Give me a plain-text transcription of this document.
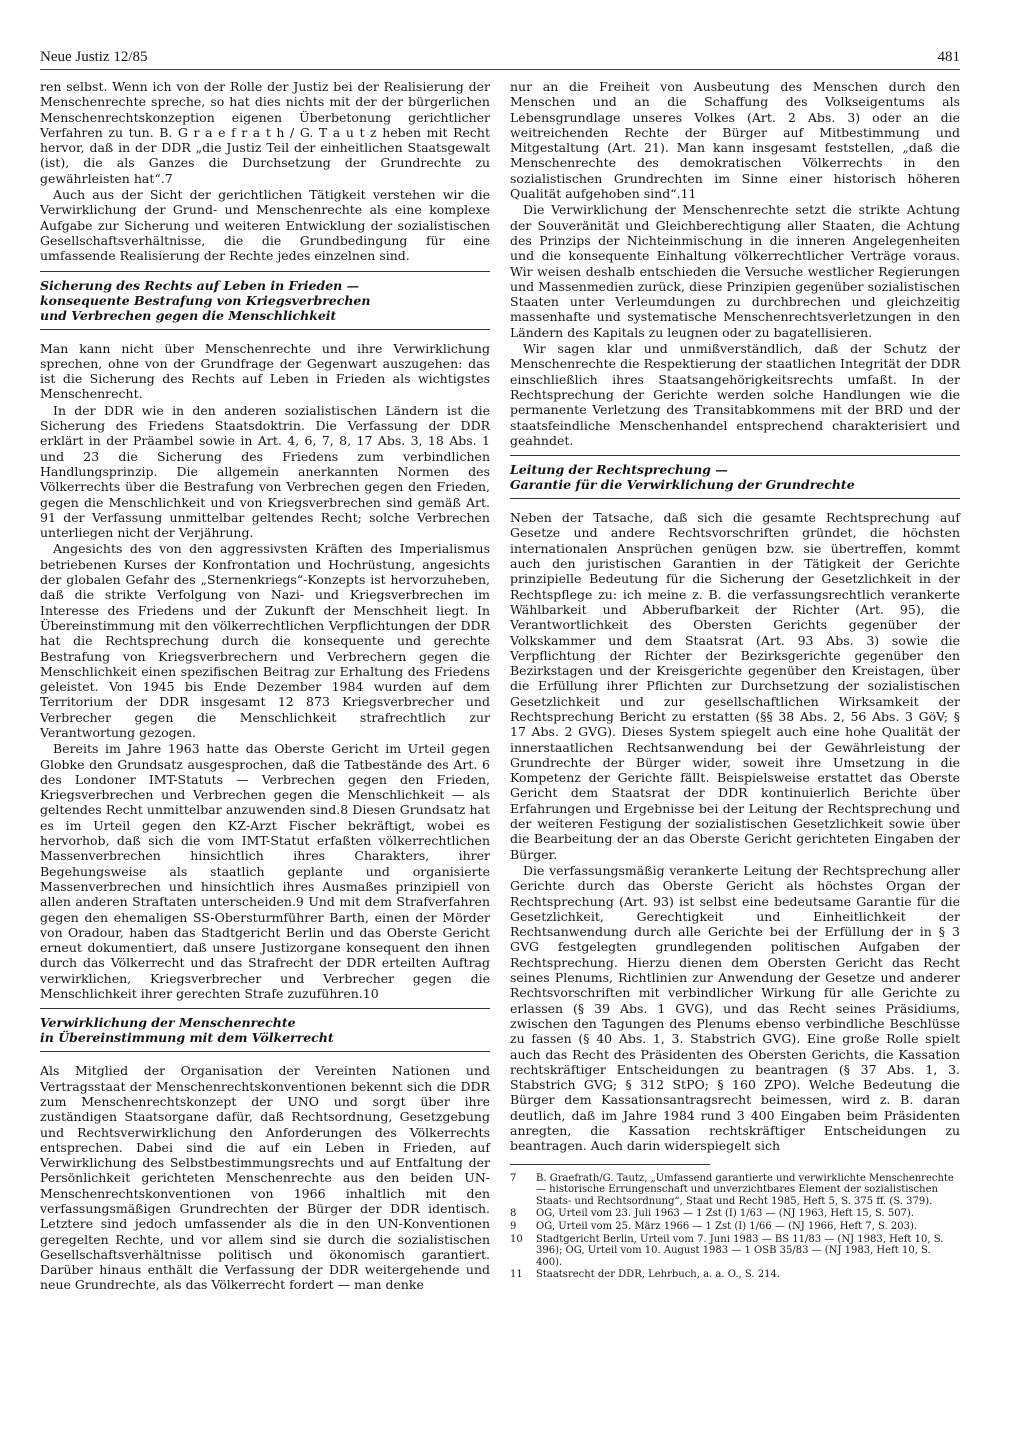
Neue Justiz 12/85	481

ren selbst. Wenn ich von der Rolle der Justiz bei der Realisierung der Menschenrechte spreche, so hat dies nichts mit der der bürgerlichen Menschenrechtskonzeption eigenen Überbetonung gerichtlicher Verfahren zu tun. B. G r a e f r a t h / G. T a u t z heben mit Recht hervor, daß in der DDR „die Justiz Teil der einheitlichen Staatsgewalt (ist), die als Ganzes die Durchsetzung der Grundrechte zu gewährleisten hat“.7

Auch aus der Sicht der gerichtlichen Tätigkeit verstehen wir die Verwirklichung der Grund- und Menschenrechte als eine komplexe Aufgabe zur Sicherung und weiteren Entwicklung der sozialistischen Gesellschaftsverhältnisse, die die Grundbedingung für eine umfassende Realisierung der Rechte jedes einzelnen sind.

Sicherung des Rechts auf Leben in Frieden —

konsequente Bestrafung von Kriegsverbrechen

und Verbrechen gegen die Menschlichkeit

Man kann nicht über Menschenrechte und ihre Verwirklichung sprechen, ohne von der Grundfrage der Gegenwart auszugehen: das ist die Sicherung des Rechts auf Leben in Frieden als wichtigstes Menschenrecht.

In der DDR wie in den anderen sozialistischen Ländern ist die Sicherung des Friedens Staatsdoktrin. Die Verfassung der DDR erklärt in der Präambel sowie in Art. 4, 6, 7, 8, 17 Abs. 3, 18 Abs. 1 und 23 die Sicherung des Friedens zum verbindlichen Handlungsprinzip. Die allgemein anerkannten Normen des Völkerrechts über die Bestrafung von Verbrechen gegen den Frieden, gegen die Menschlichkeit und von Kriegsverbrechen sind gemäß Art. 91 der Verfassung unmittelbar geltendes Recht; solche Verbrechen unterliegen nicht der Verjährung.

Angesichts des von den aggressivsten Kräften des Imperialismus betriebenen Kurses der Konfrontation und Hochrüstung, angesichts der globalen Gefahr des „Sternenkriegs“-Konzepts ist hervorzuheben, daß die strikte Verfolgung von Nazi- und Kriegsverbrechen im Interesse des Friedens und der Zukunft der Menschheit liegt. In Übereinstimmung mit den völkerrechtlichen Verpflichtungen der DDR hat die Rechtsprechung durch die konsequente und gerechte Bestrafung von Kriegsverbrechern und Verbrechern gegen die Menschlichkeit einen spezifischen Beitrag zur Erhaltung des Friedens geleistet. Von 1945 bis Ende Dezember 1984 wurden auf dem Territorium der DDR insgesamt 12 873 Kriegsverbrecher und Verbrecher gegen die Menschlichkeit strafrechtlich zur Verantwortung gezogen.

Bereits im Jahre 1963 hatte das Oberste Gericht im Urteil gegen Globke den Grundsatz ausgesprochen, daß die Tatbestände des Art. 6 des Londoner IMT-Statuts — Verbrechen gegen den Frieden, Kriegsverbrechen und Verbrechen gegen die Menschlichkeit — als geltendes Recht unmittelbar anzuwenden sind.8 Diesen Grundsatz hat es im Urteil gegen den KZ-Arzt Fischer bekräftigt, wobei es hervorhob, daß sich die vom IMT-Statut erfaßten völkerrechtlichen Massenverbrechen hinsichtlich ihres Charakters, ihrer Begehungsweise als staatlich geplante und organisierte Massenverbrechen und hinsichtlich ihres Ausmaßes prinzipiell von allen anderen Straftaten unterscheiden.9 Und mit dem Strafverfahren gegen den ehemaligen SS-Obersturmführer Barth, einen der Mörder von Oradour, haben das Stadtgericht Berlin und das Oberste Gericht erneut dokumentiert, daß unsere Justizorgane konsequent den ihnen durch das Völkerrecht und das Strafrecht der DDR erteilten Auftrag verwirklichen, Kriegsverbrecher und Verbrecher gegen die Menschlichkeit ihrer gerechten Strafe zuzuführen.10

Verwirklichung der Menschenrechte

in Übereinstimmung mit dem Völkerrecht

Als Mitglied der Organisation der Vereinten Nationen und Vertragsstaat der Menschenrechtskonventionen bekennt sich die DDR zum Menschenrechtskonzept der UNO und sorgt über ihre zuständigen Staatsorgane dafür, daß Rechtsordnung, Gesetzgebung und Rechtsverwirklichung den Anforderungen des Völkerrechts entsprechen. Dabei sind die auf ein Leben in Frieden, auf Verwirklichung des Selbstbestimmungsrechts und auf Entfaltung der Persönlichkeit gerichteten Menschenrechte aus den beiden UN-Menschenrechtskonventionen von 1966 inhaltlich mit den verfassungsmäßigen Grundrechten der Bürger der DDR identisch. Letztere sind jedoch umfassender als die in den UN-Konventionen geregelten Rechte, und vor allem sind sie durch die sozialistischen Gesellschaftsverhältnisse politisch und ökonomisch garantiert. Darüber hinaus enthält die Verfassung der DDR weitergehende und neue Grundrechte, als das Völkerrecht fordert — man denke

nur an die Freiheit von Ausbeutung des Menschen durch den Menschen und an die Schaffung des Volkseigentums als Lebensgrundlage unseres Volkes (Art. 2 Abs. 3) oder an die weitreichenden Rechte der Bürger auf Mitbestimmung und Mitgestaltung (Art. 21). Man kann insgesamt feststellen, „daß die Menschenrechte des demokratischen Völkerrechts in den sozialistischen Grundrechten im Sinne einer historisch höheren Qualität aufgehoben sind“.11

Die Verwirklichung der Menschenrechte setzt die strikte Achtung der Souveränität und Gleichberechtigung aller Staaten, die Achtung des Prinzips der Nichteinmischung in die inneren Angelegenheiten und die konsequente Einhaltung völkerrechtlicher Verträge voraus. Wir weisen deshalb entschieden die Versuche westlicher Regierungen und Massenmedien zurück, diese Prinzipien gegenüber sozialistischen Staaten unter Verleumdungen zu durchbrechen und gleichzeitig massenhafte und systematische Menschenrechtsverletzungen in den Ländern des Kapitals zu leugnen oder zu bagatellisieren.

Wir sagen klar und unmißverständlich, daß der Schutz der Menschenrechte die Respektierung der staatlichen Integrität der DDR einschließlich ihres Staatsangehörigkeitsrechts umfaßt. In der Rechtsprechung der Gerichte werden solche Handlungen wie die permanente Verletzung des Transitabkommens mit der BRD und der staatsfeindliche Menschenhandel entsprechend charakterisiert und geahndet.

Leitung der Rechtsprechung —

Garantie für die Verwirklichung der Grundrechte

Neben der Tatsache, daß sich die gesamte Rechtsprechung auf Gesetze und andere Rechtsvorschriften gründet, die höchsten internationalen Ansprüchen genügen bzw. sie übertreffen, kommt auch den juristischen Garantien in der Tätigkeit der Gerichte prinzipielle Bedeutung für die Sicherung der Gesetzlichkeit in der Rechtspflege zu: ich meine z. B. die verfassungsrechtlich verankerte Wählbarkeit und Abberufbarkeit der Richter (Art. 95), die Verantwortlichkeit des Obersten Gerichts gegenüber der Volkskammer und dem Staatsrat (Art. 93 Abs. 3) sowie die Verpflichtung der Richter der Bezirksgerichte gegenüber den Bezirkstagen und der Kreisgerichte gegenüber den Kreistagen, über die Erfüllung ihrer Pflichten zur Durchsetzung der sozialistischen Gesetzlichkeit und zur gesellschaftlichen Wirksamkeit der Rechtsprechung Bericht zu erstatten (§§ 38 Abs. 2, 56 Abs. 3 GöV; § 17 Abs. 2 GVG). Dieses System spiegelt auch eine hohe Qualität der innerstaatlichen Rechtsanwendung bei der Gewährleistung der Grundrechte der Bürger wider, soweit ihre Umsetzung in die Kompetenz der Gerichte fällt. Beispielsweise erstattet das Oberste Gericht dem Staatsrat der DDR kontinuierlich Berichte über Erfahrungen und Ergebnisse bei der Leitung der Rechtsprechung und der weiteren Festigung der sozialistischen Gesetzlichkeit sowie über die Bearbeitung der an das Oberste Gericht gerichteten Eingaben der Bürger.

Die verfassungsmäßig verankerte Leitung der Rechtsprechung aller Gerichte durch das Oberste Gericht als höchstes Organ der Rechtsprechung (Art. 93) ist selbst eine bedeutsame Garantie für die Gesetzlichkeit, Gerechtigkeit und Einheitlichkeit der Rechtsanwendung durch alle Gerichte bei der Erfüllung der in § 3 GVG festgelegten grundlegenden politischen Aufgaben der Rechtsprechung. Hierzu dienen dem Obersten Gericht das Recht seines Plenums, Richtlinien zur Anwendung der Gesetze und anderer Rechtsvorschriften mit verbindlicher Wirkung für alle Gerichte zu erlassen (§ 39 Abs. 1 GVG), und das Recht seines Präsidiums, zwischen den Tagungen des Plenums ebenso verbindliche Beschlüsse zu fassen (§ 40 Abs. 1, 3. Stabstrich GVG). Eine große Rolle spielt auch das Recht des Präsidenten des Obersten Gerichts, die Kassation rechtskräftiger Entscheidungen zu beantragen (§ 37 Abs. 1, 3. Stabstrich GVG; § 312 StPO; § 160 ZPO). Welche Bedeutung die Bürger dem Kassationsantragsrecht beimessen, wird z. B. daran deutlich, daß im Jahre 1984 rund 3 400 Eingaben beim Präsidenten anregten, die Kassation rechtskräftiger Entscheidungen zu beantragen. Auch darin widerspiegelt sich

7	B. Graefrath/G. Tautz, „Umfassend garantierte und verwirklichte Menschenrechte — historische Errungenschaft und unverzichtbares Element der sozialistischen Staats- und Rechtsordnung“, Staat und Recht 1985, Heft 5, S. 375 ff. (S. 379).
8	OG, Urteil vom 23. Juli 1963 — 1 Zst (I) 1/63 — (NJ 1963, Heft 15, S. 507).
9	OG, Urteil vom 25. März 1966 — 1 Zst (I) 1/66 — (NJ 1966, Heft 7, S. 203).
10	Stadtgericht Berlin, Urteil vom 7. Juni 1983 — BS 11/83 — (NJ 1983, Heft 10, S. 396); OG, Urteil vom 10. August 1983 — 1 OSB 35/83 — (NJ 1983, Heft 10, S. 400).
11	Staatsrecht der DDR, Lehrbuch, a. a. O., S. 214.
